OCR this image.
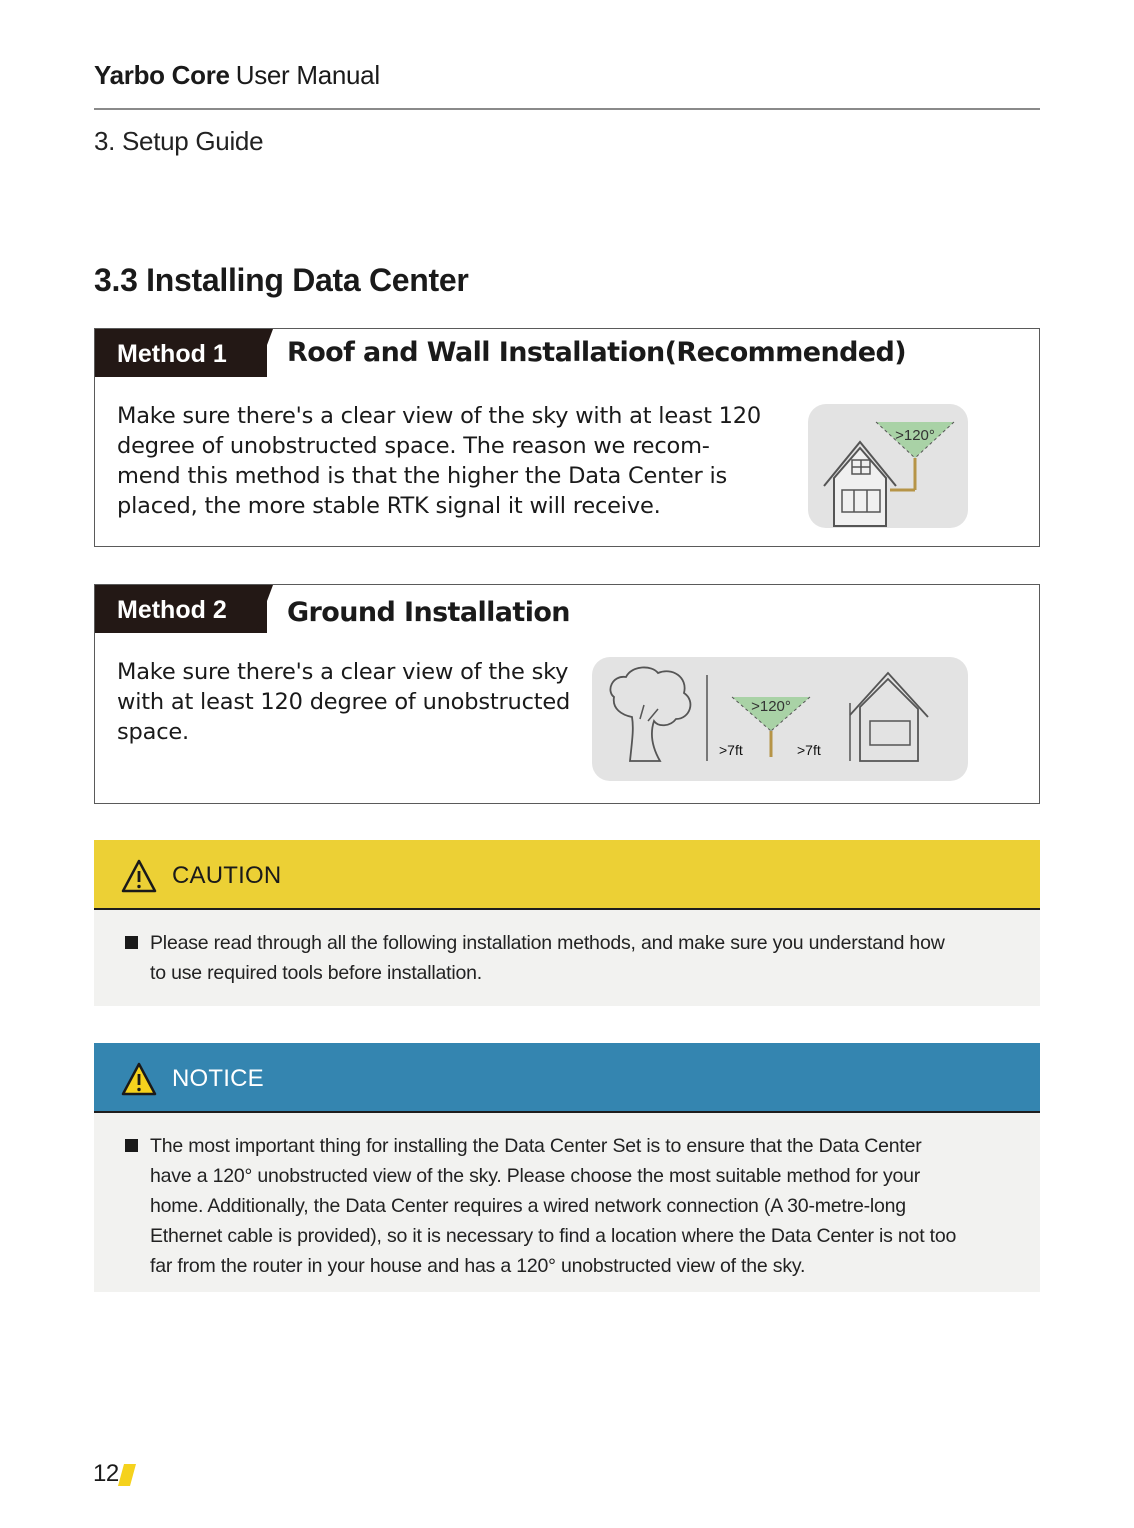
Yarbo Core User Manual
3. Setup Guide
3.3 Installing Data Center
Method 1	Roof and Wall Installation(Recommended)
Make sure there's a clear view of the sky with at least 120
degree of unobstructed space. The reason we recom-
mend this method is that the higher the Data Center is
placed, the more stable RTK signal it will receive.
>120°
Method 2	Ground Installation
Make sure there's a clear view of the sky
with at least 120 degree of unobstructed
space.
>120°
>7ft	>7ft
CAUTION
Please read through all the following installation methods, and make sure you understand how
to use required tools before installation.
NOTICE
The most important thing for installing the Data Center Set is to ensure that the Data Center
have a 120° unobstructed view of the sky. Please choose the most suitable method for your
home. Additionally, the Data Center requires a wired network connection (A 30-metre-long
Ethernet cable is provided), so it is necessary to find a location where the Data Center is not too
far from the router in your house and has a 120° unobstructed view of the sky.
12
